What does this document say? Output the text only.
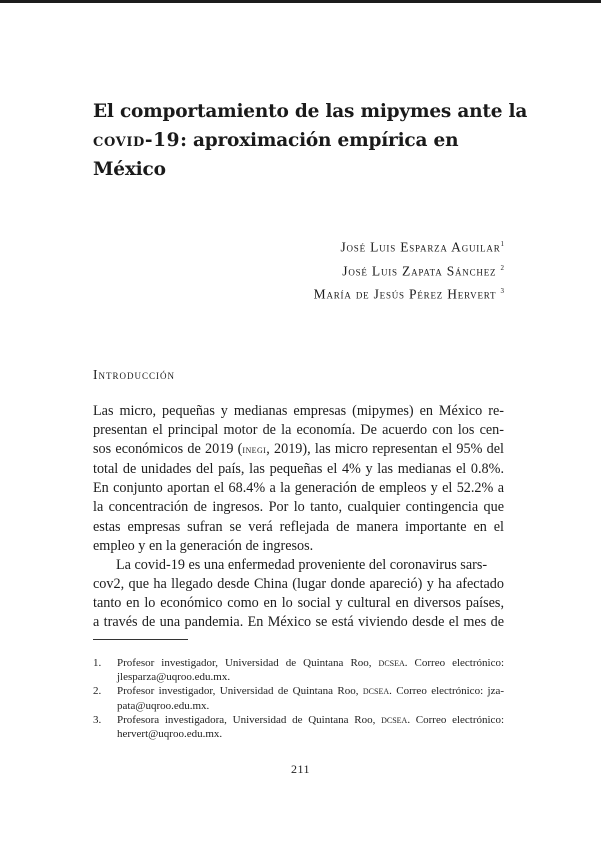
El comportamiento de las mipymes ante la
covid-19: aproximación empírica en México
José Luis Esparza Aguilar$^1$
José Luis Zapata Sánchez $^2$
María de Jesús Pérez Hervert $^3$
Introducción
Las micro, pequeñas y medianas empresas (mipymes) en México re-
presentan el principal motor de la economía. De acuerdo con los cen-
sos económicos de 2019 (inegi, 2019), las micro representan el 95% del
total de unidades del país, las pequeñas el 4% y las medianas el 0.8%.
En conjunto aportan el 68.4% a la generación de empleos y el 52.2% a
la concentración de ingresos. Por lo tanto, cualquier contingencia que
estas empresas sufran se verá reflejada de manera importante en el
empleo y en la generación de ingresos.
La covid-19 es una enfermedad proveniente del coronavirus sars-
cov2, que ha llegado desde China (lugar donde apareció) y ha afectado
tanto en lo económico como en lo social y cultural en diversos países,
a través de una pandemia. En México se está viviendo desde el mes de
1. Profesor investigador, Universidad de Quintana Roo, dcsea. Correo electrónico:
jlesparza@uqroo.edu.mx.
2. Profesor investigador, Universidad de Quintana Roo, dcsea. Correo electrónico: jza-
pata@uqroo.edu.mx.
3. Profesora investigadora, Universidad de Quintana Roo, dcsea. Correo electrónico:
hervert@uqroo.edu.mx.
211
